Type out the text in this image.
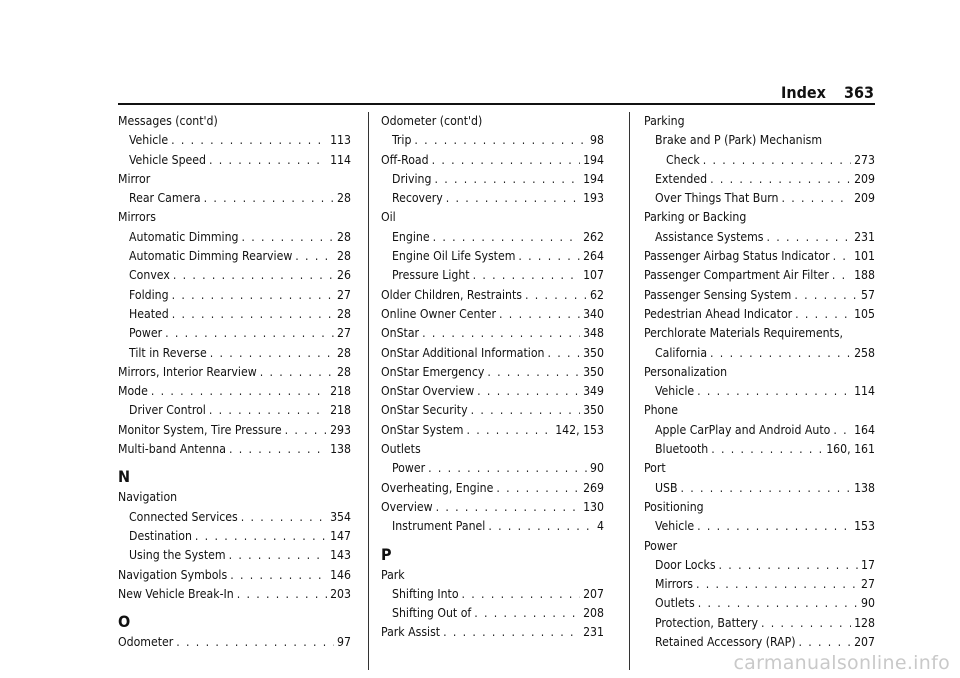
Index 363
Messages (cont'd)
Vehicle . . .	113
Vehicle Speed . . .	114
Mirror
Rear Camera . . .	28
Mirrors
Automatic Dimming . . .	28
Automatic Dimming Rearview . . .	28
Convex . . .	26
Folding . . .	27
Heated . . .	28
Power . . .	27
Tilt in Reverse . . .	28
Mirrors, Interior Rearview . . .	28
Mode . . .	218
Driver Control . . .	218
Monitor System, Tire Pressure . . .	293
Multi-band Antenna . . .	138
N
Navigation
Connected Services . . .	354
Destination . . .	147
Using the System . . .	143
Navigation Symbols . . .	146
New Vehicle Break-In . . .	203
O
Odometer . . .	97
Odometer (cont'd)
Trip . . .	98
Off-Road . . .	194
Driving . . .	194
Recovery . . .	193
Oil
Engine . . .	262
Engine Oil Life System . . .	264
Pressure Light . . .	107
Older Children, Restraints . . .	62
Online Owner Center . . .	340
OnStar . . .	348
OnStar Additional Information . . .	350
OnStar Emergency . . .	350
OnStar Overview . . .	349
OnStar Security . . .	350
OnStar System . . .	142, 153
Outlets
Power . . .	90
Overheating, Engine . . .	269
Overview . . .	130
Instrument Panel . . .	4
P
Park
Shifting Into . . .	207
Shifting Out of . . .	208
Park Assist . . .	231
Parking
Brake and P (Park) Mechanism
Check . . .	273
Extended . . .	209
Over Things That Burn . . .	209
Parking or Backing
Assistance Systems . . .	231
Passenger Airbag Status Indicator . . . 101
Passenger Compartment Air Filter . . . 188
Passenger Sensing System . . .	57
Pedestrian Ahead Indicator . . .	105
Perchlorate Materials Requirements,
California . . .	258
Personalization
Vehicle . . .	114
Phone
Apple CarPlay and Android Auto . . . 164
Bluetooth . . .	160, 161
Port
USB . . .	138
Positioning
Vehicle . . .	153
Power
Door Locks . . .	17
Mirrors . . .	27
Outlets . . .	90
Protection, Battery . . .	128
Retained Accessory (RAP) . . .	207
carmanualsonline.info
